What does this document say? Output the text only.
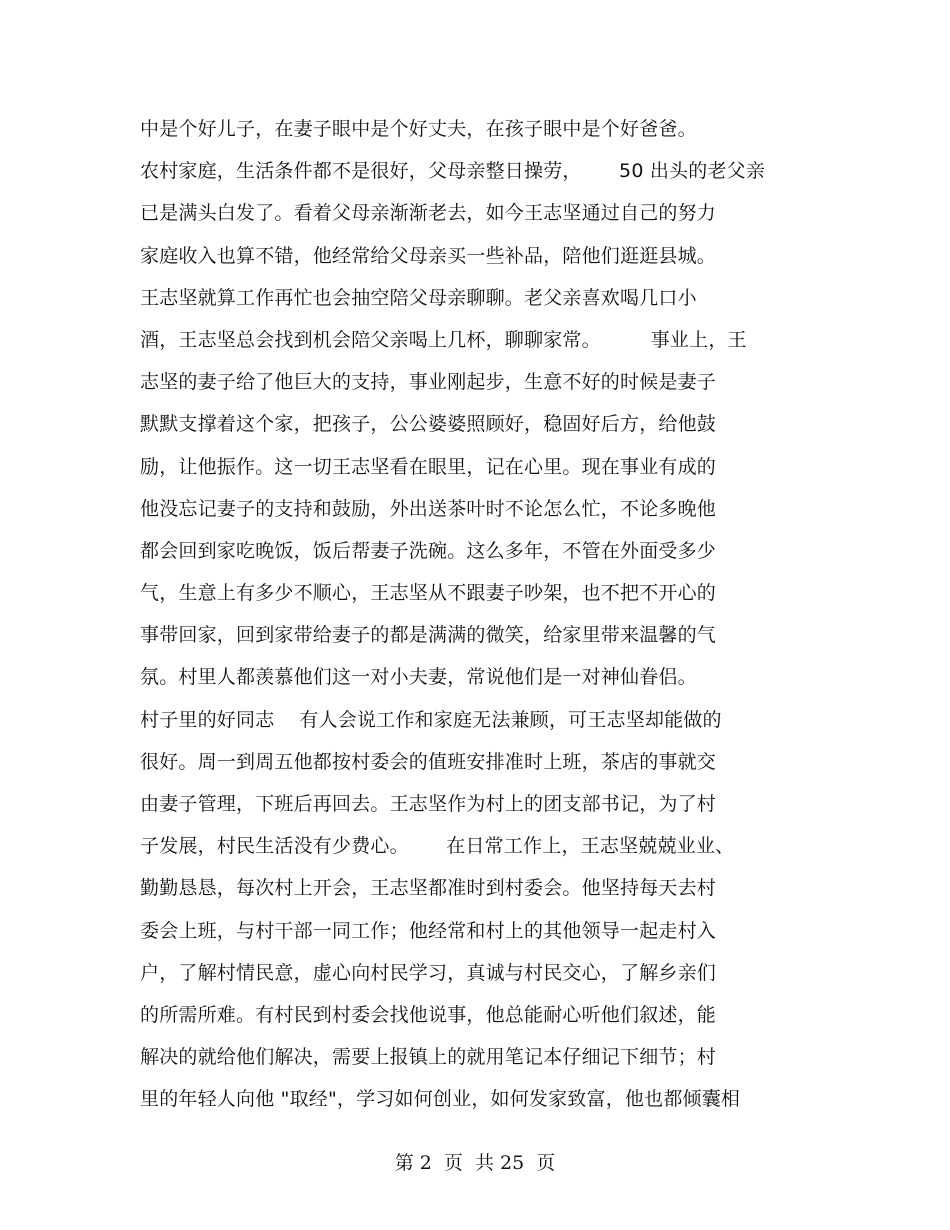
中是个好儿子，在妻子眼中是个好丈夫，在孩子眼中是个好爸爸。
农村家庭，生活条件都不是很好，父母亲整日操劳，      50 出头的老父亲
已是满头白发了。看着父母亲渐渐老去，如今王志坚通过自己的努力
家庭收入也算不错，他经常给父母亲买一些补品，陪他们逛逛县城。
王志坚就算工作再忙也会抽空陪父母亲聊聊。老父亲喜欢喝几口小
酒，王志坚总会找到机会陪父亲喝上几杯，聊聊家常。        事业上，王
志坚的妻子给了他巨大的支持，事业刚起步，生意不好的时候是妻子
默默支撑着这个家，把孩子，公公婆婆照顾好，稳固好后方，给他鼓
励，让他振作。这一切王志坚看在眼里，记在心里。现在事业有成的
他没忘记妻子的支持和鼓励，外出送茶叶时不论怎么忙，不论多晚他
都会回到家吃晚饭，饭后帮妻子洗碗。这么多年，不管在外面受多少
气，生意上有多少不顺心，王志坚从不跟妻子吵架，也不把不开心的
事带回家，回到家带给妻子的都是满满的微笑，给家里带来温馨的气
氛。村里人都羡慕他们这一对小夫妻，常说他们是一对神仙眷侣。
村子里的好同志    有人会说工作和家庭无法兼顾，可王志坚却能做的
很好。周一到周五他都按村委会的值班安排准时上班，茶店的事就交
由妻子管理，下班后再回去。王志坚作为村上的团支部书记，为了村
子发展，村民生活没有少费心。      在日常工作上，王志坚兢兢业业、
勤勤恳恳，每次村上开会，王志坚都准时到村委会。他坚持每天去村
委会上班，与村干部一同工作；他经常和村上的其他领导一起走村入
户，了解村情民意，虚心向村民学习，真诚与村民交心，了解乡亲们
的所需所难。有村民到村委会找他说事，他总能耐心听他们叙述，能
解决的就给他们解决，需要上报镇上的就用笔记本仔细记下细节；村
里的年轻人向他 "取经"，学习如何创业，如何发家致富，他也都倾囊相
第 2  页  共 25  页
